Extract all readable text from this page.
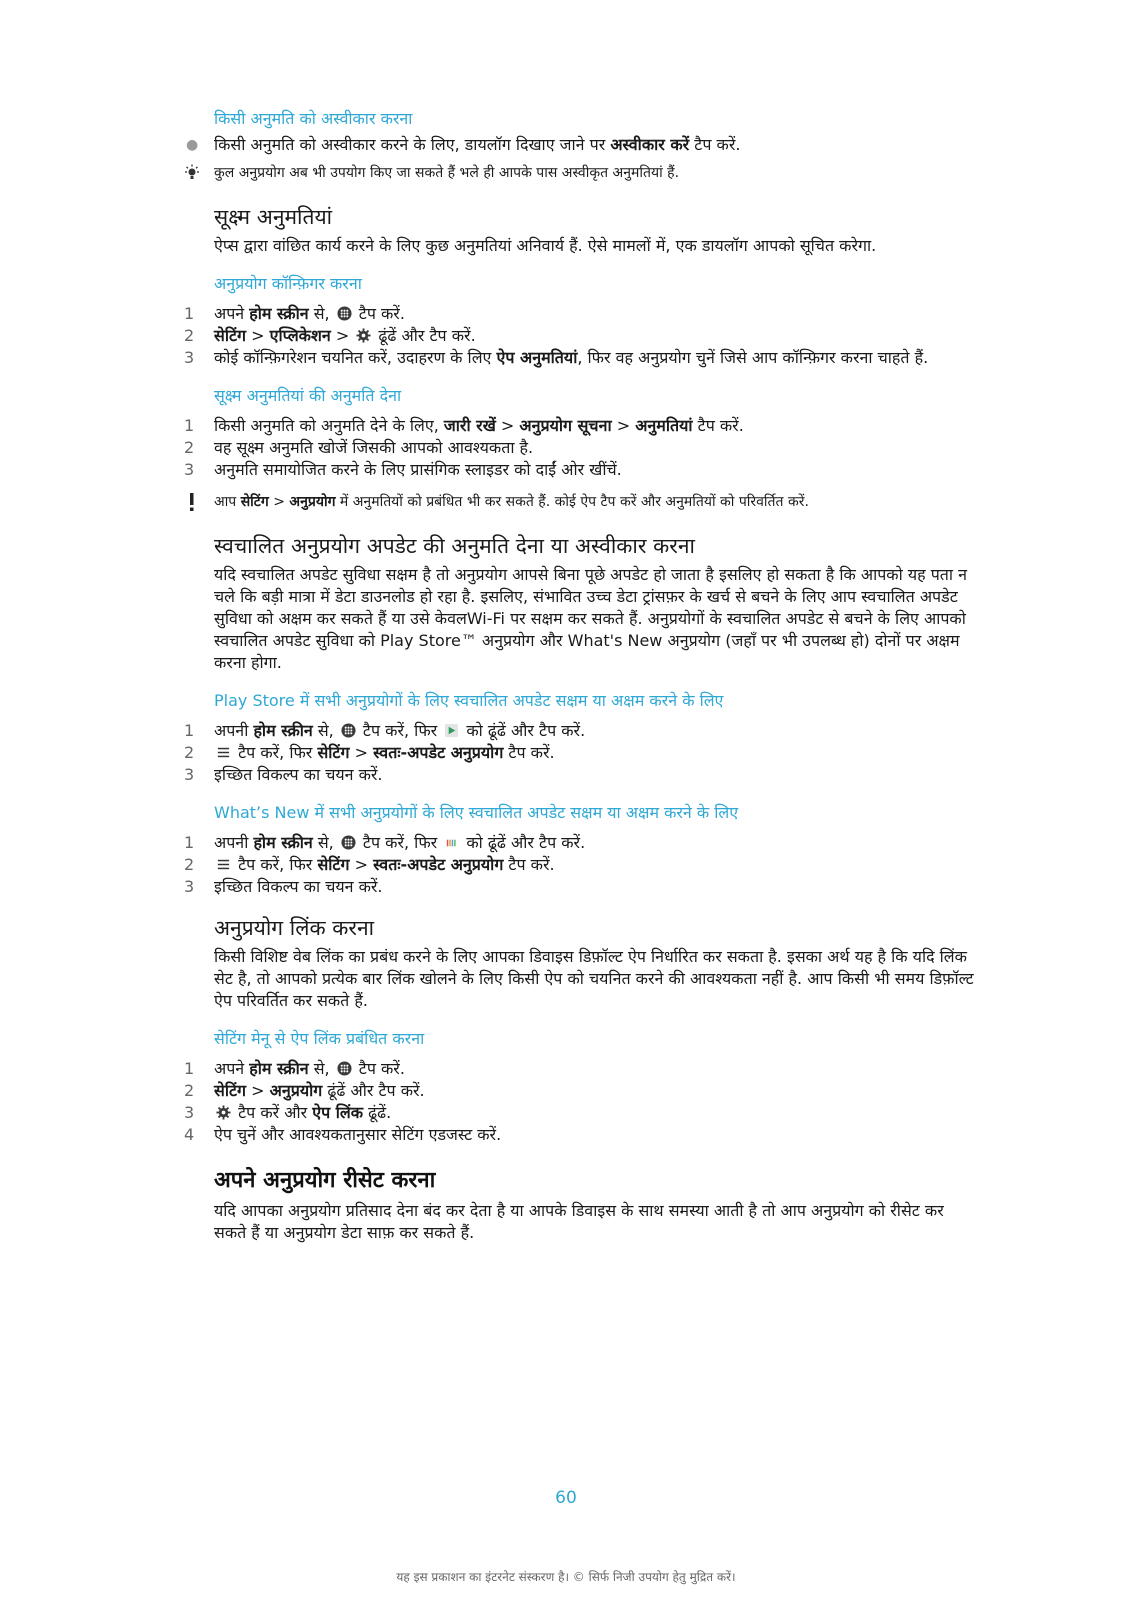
किसी अनुमति को अस्वीकार करना

● किसी अनुमति को अस्वीकार करने के लिए, डायलॉग दिखाए जाने पर अस्वीकार करें टैप करें.
कुल अनुप्रयोग अब भी उपयोग किए जा सकते हैं भले ही आपके पास अस्वीकृत अनुमतियां हैं.
सूक्ष्म अनुमतियां

ऐप्स द्वारा वांछित कार्य करने के लिए कुछ अनुमतियां अनिवार्य हैं. ऐसे मामलों में, एक डायलॉग आपको सूचित करेगा.

अनुप्रयोग कॉन्फ़िगर करना

1	अपने होम स्क्रीन से,  टैप करें.
2	सेटिंग > एप्लिकेशन >  ढूंढें और टैप करें.
3	कोई कॉन्फ़िगरेशन चयनित करें, उदाहरण के लिए ऐप अनुमतियां, फिर वह अनुप्रयोग चुनें जिसे आप कॉन्फ़िगर करना चाहते हैं.

सूक्ष्म अनुमतियां की अनुमति देना

1	किसी अनुमति को अनुमति देने के लिए, जारी रखें > अनुप्रयोग सूचना > अनुमतियां टैप करें.
2	वह सूक्ष्म अनुमति खोजें जिसकी आपको आवश्यकता है.
3	अनुमति समायोजित करने के लिए प्रासंगिक स्लाइडर को दाईं ओर खींचें.
आप सेटिंग > अनुप्रयोग में अनुमतियों को प्रबंधित भी कर सकते हैं. कोई ऐप टैप करें और अनुमतियों को परिवर्तित करें.
स्वचालित अनुप्रयोग अपडेट की अनुमति देना या अस्वीकार करना

यदि स्वचालित अपडेट सुविधा सक्षम है तो अनुप्रयोग आपसे बिना पूछे अपडेट हो जाता है इसलिए हो सकता है कि आपको यह पता न चले कि बड़ी मात्रा में डेटा डाउनलोड हो रहा है. इसलिए, संभावित उच्च डेटा ट्रांसफ़र के खर्च से बचने के लिए आप स्वचालित अपडेट सुविधा को अक्षम कर सकते हैं या उसे केवलWi-Fi पर सक्षम कर सकते हैं. अनुप्रयोगों के स्वचालित अपडेट से बचने के लिए आपको स्वचालित अपडेट सुविधा को Play Store™ अनुप्रयोग और What's New अनुप्रयोग (जहाँ पर भी उपलब्ध हो) दोनों पर अक्षम करना होगा.

Play Store में सभी अनुप्रयोगों के लिए स्वचालित अपडेट सक्षम या अक्षम करने के लिए

1	अपनी होम स्क्रीन से,  टैप करें, फिर  को ढूंढें और टैप करें.
2	टैप करें, फिर सेटिंग > स्वतः-अपडेट अनुप्रयोग टैप करें.
3	इच्छित विकल्प का चयन करें.

What’s New में सभी अनुप्रयोगों के लिए स्वचालित अपडेट सक्षम या अक्षम करने के लिए

1	अपनी होम स्क्रीन से,  टैप करें, फिर  को ढूंढें और टैप करें.
2	टैप करें, फिर सेटिंग > स्वतः-अपडेट अनुप्रयोग टैप करें.
3	इच्छित विकल्प का चयन करें.
अनुप्रयोग लिंक करना

किसी विशिष्ट वेब लिंक का प्रबंध करने के लिए आपका डिवाइस डिफ़ॉल्ट ऐप निर्धारित कर सकता है. इसका अर्थ यह है कि यदि लिंक सेट है, तो आपको प्रत्येक बार लिंक खोलने के लिए किसी ऐप को चयनित करने की आवश्यकता नहीं है. आप किसी भी समय डिफ़ॉल्ट ऐप परिवर्तित कर सकते हैं.

सेटिंग मेनू से ऐप लिंक प्रबंधित करना

1	अपने होम स्क्रीन से,  टैप करें.
2	सेटिंग > अनुप्रयोग ढूंढें और टैप करें.
3	टैप करें और ऐप लिंक ढूंढें.
4	ऐप चुनें और आवश्यकतानुसार सेटिंग एडजस्ट करें.
अपने अनुप्रयोग रीसेट करना

यदि आपका अनुप्रयोग प्रतिसाद देना बंद कर देता है या आपके डिवाइस के साथ समस्या आती है तो आप अनुप्रयोग को रीसेट कर सकते हैं या अनुप्रयोग डेटा साफ़ कर सकते हैं.

60
यह इस प्रकाशन का इंटरनेट संस्करण है। © सिर्फ निजी उपयोग हेतु मुद्रित करें।
